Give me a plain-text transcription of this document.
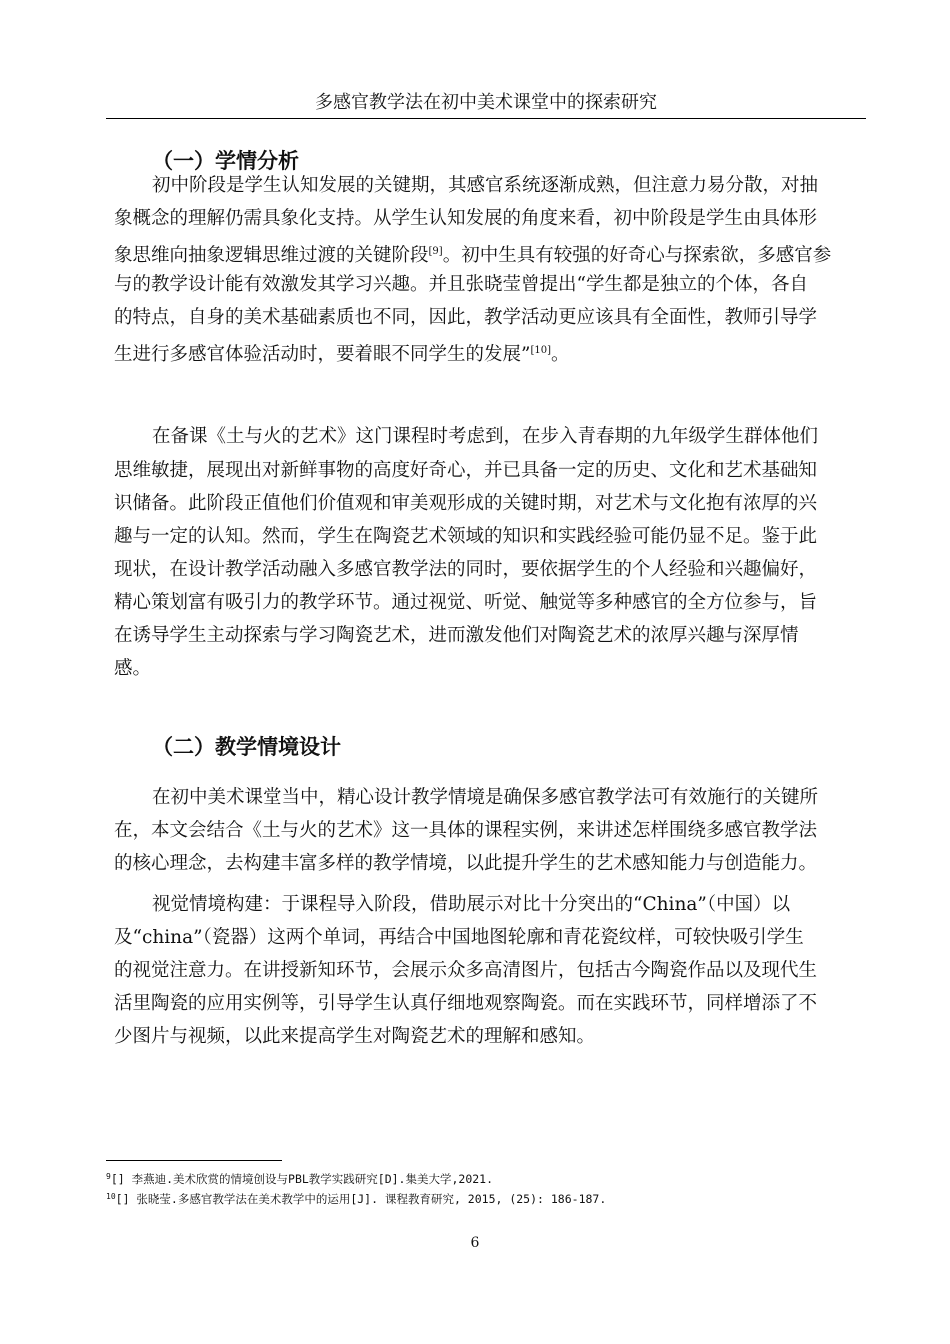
多感官教学法在初中美术课堂中的探索研究
（一）学情分析
初中阶段是学生认知发展的关键期，其感官系统逐渐成熟，但注意力易分散，对抽
象概念的理解仍需具象化支持。从学生认知发展的角度来看，初中阶段是学生由具体形
象思维向抽象逻辑思维过渡的关键阶段[9]。初中生具有较强的好奇心与探索欲，多感官参
与的教学设计能有效激发其学习兴趣。并且张晓莹曾提出“学生都是独立的个体，各自
的特点，自身的美术基础素质也不同，因此，教学活动更应该具有全面性，教师引导学
生进行多感官体验活动时，要着眼不同学生的发展”[10]。
在备课《土与火的艺术》这门课程时考虑到，在步入青春期的九年级学生群体他们
思维敏捷，展现出对新鲜事物的高度好奇心，并已具备一定的历史、文化和艺术基础知
识储备。此阶段正值他们价值观和审美观形成的关键时期，对艺术与文化抱有浓厚的兴
趣与一定的认知。然而，学生在陶瓷艺术领域的知识和实践经验可能仍显不足。鉴于此
现状，在设计教学活动融入多感官教学法的同时，要依据学生的个人经验和兴趣偏好，
精心策划富有吸引力的教学环节。通过视觉、听觉、触觉等多种感官的全方位参与，旨
在诱导学生主动探索与学习陶瓷艺术，进而激发他们对陶瓷艺术的浓厚兴趣与深厚情
感。
（二）教学情境设计
在初中美术课堂当中，精心设计教学情境是确保多感官教学法可有效施行的关键所
在，本文会结合《土与火的艺术》这一具体的课程实例，来讲述怎样围绕多感官教学法
的核心理念，去构建丰富多样的教学情境，以此提升学生的艺术感知能力与创造能力。
视觉情境构建：于课程导入阶段，借助展示对比十分突出的“China”（中国）以
及“china”（瓷器）这两个单词，再结合中国地图轮廓和青花瓷纹样，可较快吸引学生
的视觉注意力。在讲授新知环节，会展示众多高清图片，包括古今陶瓷作品以及现代生
活里陶瓷的应用实例等，引导学生认真仔细地观察陶瓷。而在实践环节，同样增添了不
少图片与视频，以此来提高学生对陶瓷艺术的理解和感知。
$^9$[] 李燕迪.美术欣赏的情境创设与PBL教学实践研究[D].集美大学,2021.
$^{10}$[] 张晓莹.多感官教学法在美术教学中的运用[J]. 课程教育研究, 2015, (25): 186-187.
6
